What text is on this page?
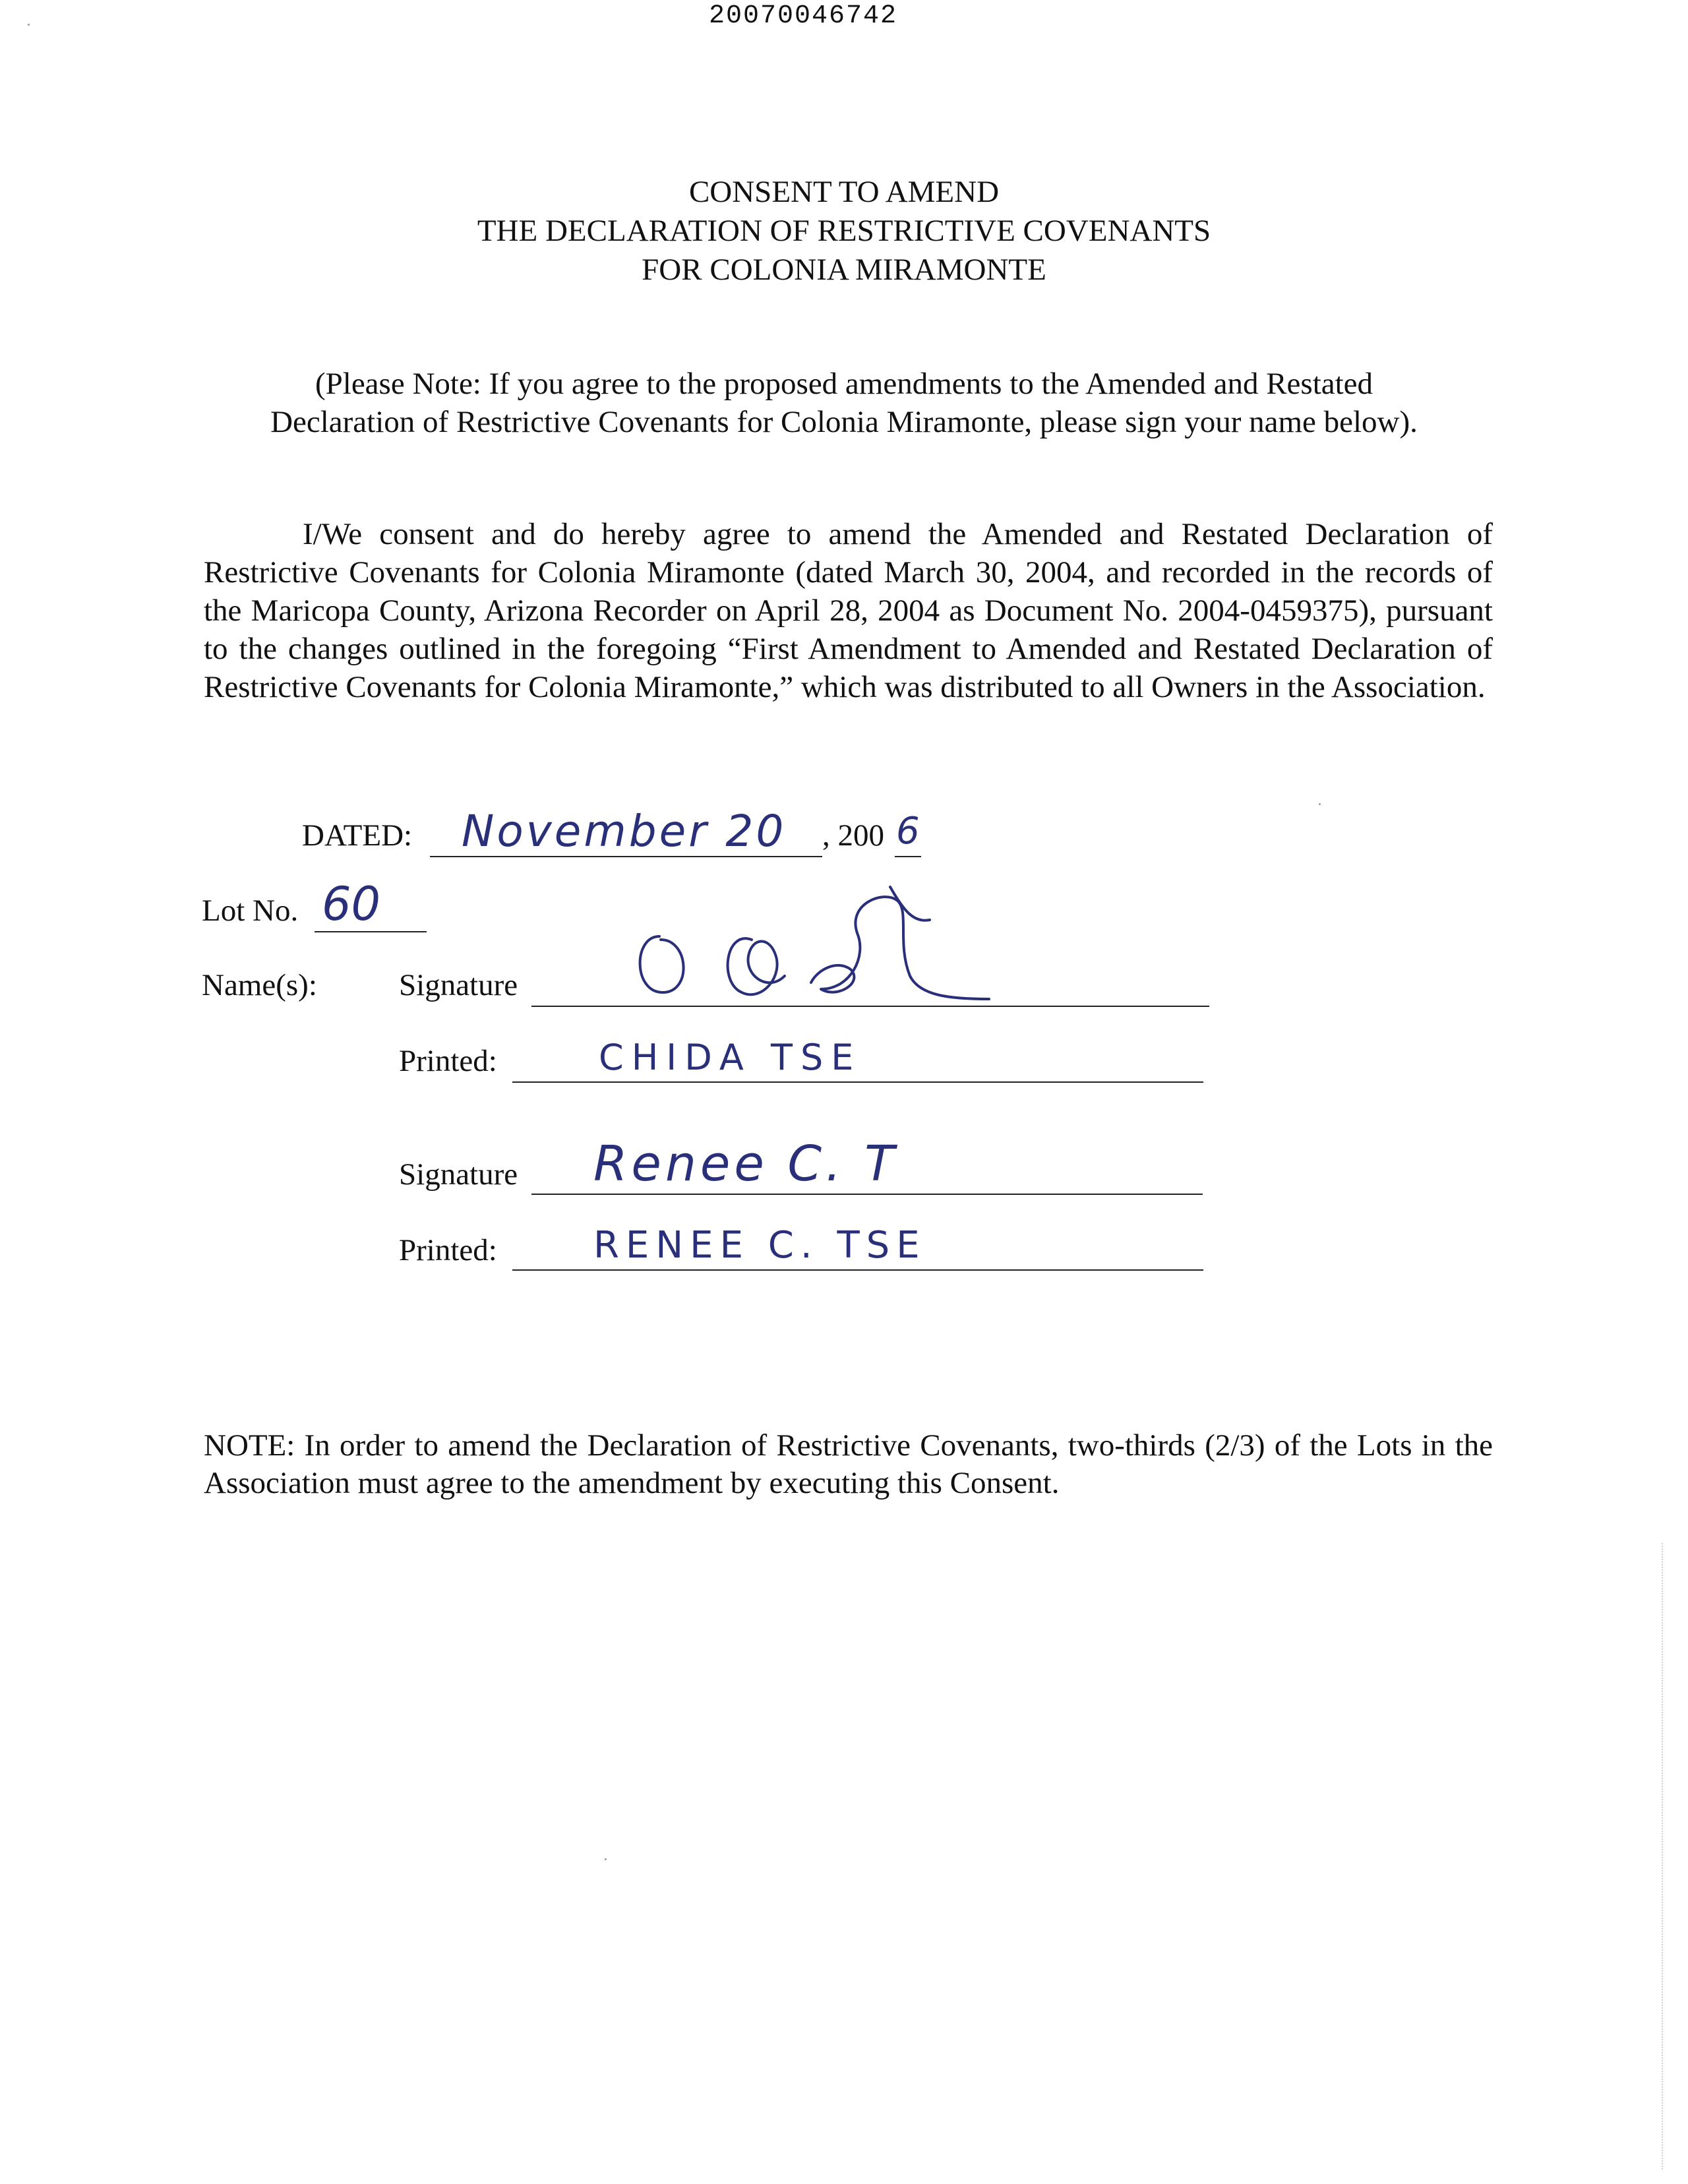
20070046742
CONSENT TO AMEND
THE DECLARATION OF RESTRICTIVE COVENANTS
FOR COLONIA MIRAMONTE
(Please Note: If you agree to the proposed amendments to the Amended and Restated
Declaration of Restrictive Covenants for Colonia Miramonte, please sign your name below).
I/We consent and do hereby agree to amend the Amended and Restated Declaration of Restrictive Covenants for Colonia Miramonte (dated March 30, 2004, and recorded in the records of the Maricopa County, Arizona Recorder on April 28, 2004 as Document No. 2004-0459375), pursuant to the changes outlined in the foregoing “First Amendment to Amended and Restated Declaration of Restrictive Covenants for Colonia Miramonte,” which was distributed to all Owners in the Association.
DATED: November 20 , 200 6
Lot No. 60
Name(s):	Signature
Printed:	CHIDA TSE
Signature Renee C. T
Printed:	RENEE C. TSE
NOTE: In order to amend the Declaration of Restrictive Covenants, two-thirds (2/3) of the Lots in the Association must agree to the amendment by executing this Consent.
